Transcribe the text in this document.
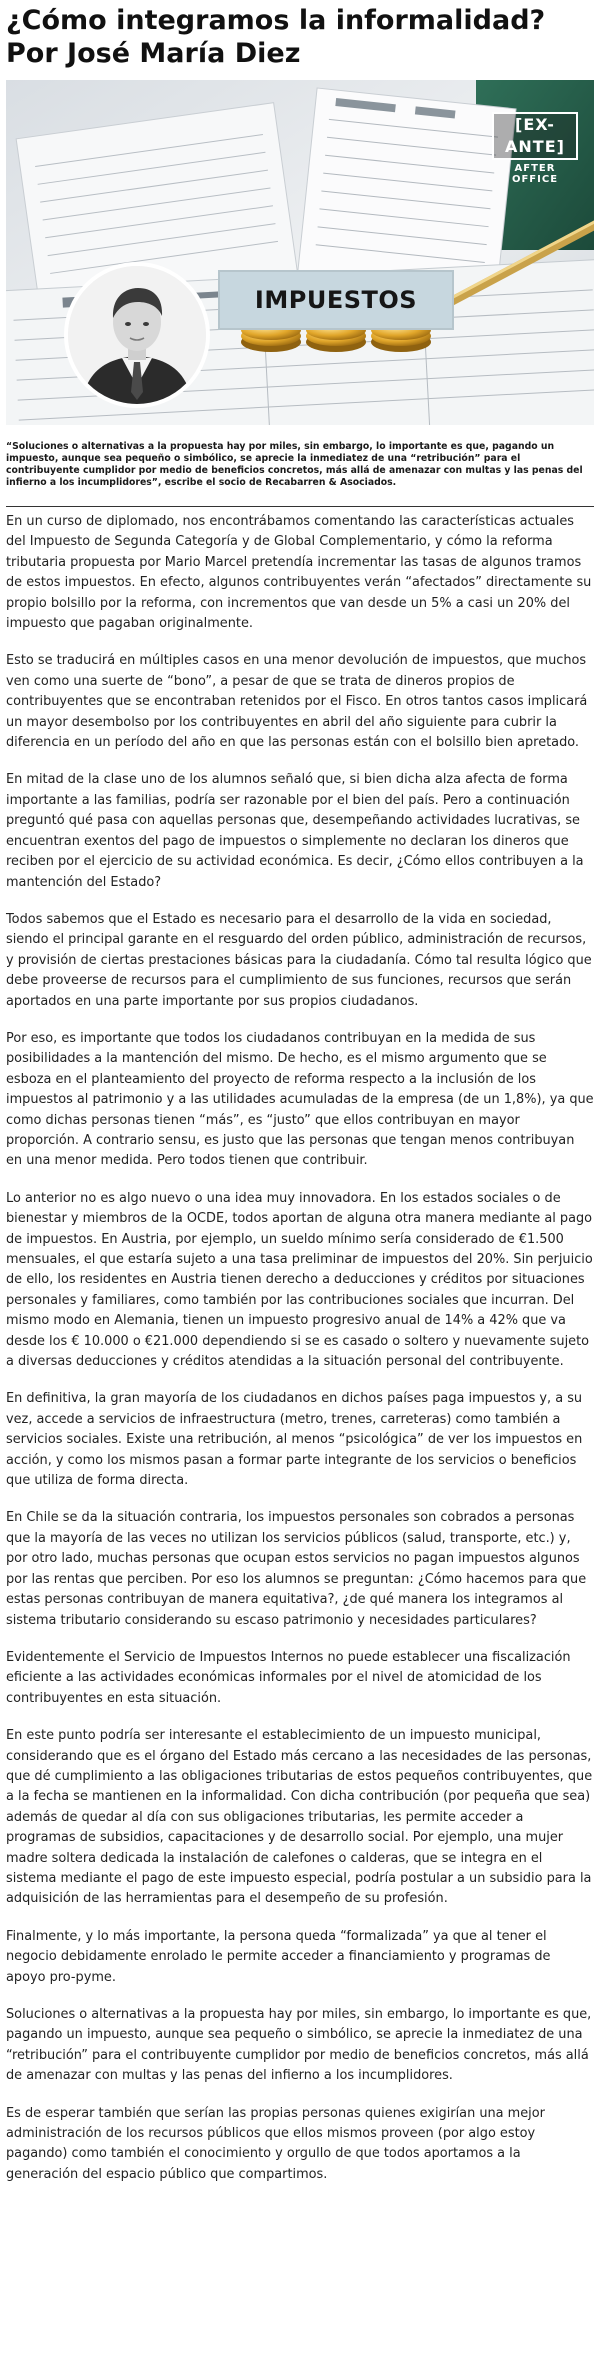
¿Cómo integramos la informalidad? Por José María Diez
IMPUESTOS
[EX-ANTE]
AFTER OFFICE
“Soluciones o alternativas a la propuesta hay por miles, sin embargo, lo importante es que, pagando un impuesto, aunque sea pequeño o simbólico, se aprecie la inmediatez de una “retribución” para el contribuyente cumplidor por medio de beneficios concretos, más allá de amenazar con multas y las penas del infierno a los incumplidores”, escribe el socio de Recabarren & Asociados.

En un curso de diplomado, nos encontrábamos comentando las características actuales del Impuesto de Segunda Categoría y de Global Complementario, y cómo la reforma tributaria propuesta por Mario Marcel pretendía incrementar las tasas de algunos tramos de estos impuestos. En efecto, algunos contribuyentes verán “afectados” directamente su propio bolsillo por la reforma, con incrementos que van desde un 5% a casi un 20% del impuesto que pagaban originalmente.

Esto se traducirá en múltiples casos en una menor devolución de impuestos, que muchos ven como una suerte de “bono”, a pesar de que se trata de dineros propios de contribuyentes que se encontraban retenidos por el Fisco. En otros tantos casos implicará un mayor desembolso por los contribuyentes en abril del año siguiente para cubrir la diferencia en un período del año en que las personas están con el bolsillo bien apretado.

En mitad de la clase uno de los alumnos señaló que, si bien dicha alza afecta de forma importante a las familias, podría ser razonable por el bien del país. Pero a continuación preguntó qué pasa con aquellas personas que, desempeñando actividades lucrativas, se encuentran exentos del pago de impuestos o simplemente no declaran los dineros que reciben por el ejercicio de su actividad económica. Es decir, ¿Cómo ellos contribuyen a la mantención del Estado?

Todos sabemos que el Estado es necesario para el desarrollo de la vida en sociedad, siendo el principal garante en el resguardo del orden público, administración de recursos, y provisión de ciertas prestaciones básicas para la ciudadanía. Cómo tal resulta lógico que debe proveerse de recursos para el cumplimiento de sus funciones, recursos que serán aportados en una parte importante por sus propios ciudadanos.

Por eso, es importante que todos los ciudadanos contribuyan en la medida de sus posibilidades a la mantención del mismo. De hecho, es el mismo argumento que se esboza en el planteamiento del proyecto de reforma respecto a la inclusión de los impuestos al patrimonio y a las utilidades acumuladas de la empresa (de un 1,8%), ya que como dichas personas tienen “más”, es “justo” que ellos contribuyan en mayor proporción. A contrario sensu, es justo que las personas que tengan menos contribuyan en una menor medida. Pero todos tienen que contribuir.

Lo anterior no es algo nuevo o una idea muy innovadora. En los estados sociales o de bienestar y miembros de la OCDE, todos aportan de alguna otra manera mediante al pago de impuestos. En Austria, por ejemplo, un sueldo mínimo sería considerado de €1.500 mensuales, el que estaría sujeto a una tasa preliminar de impuestos del 20%. Sin perjuicio de ello, los residentes en Austria tienen derecho a deducciones y créditos por situaciones personales y familiares, como también por las contribuciones sociales que incurran. Del mismo modo en Alemania, tienen un impuesto progresivo anual de 14% a 42% que va desde los € 10.000 o €21.000 dependiendo si se es casado o soltero y nuevamente sujeto a diversas deducciones y créditos atendidas a la situación personal del contribuyente.

En definitiva, la gran mayoría de los ciudadanos en dichos países paga impuestos y, a su vez, accede a servicios de infraestructura (metro, trenes, carreteras) como también a servicios sociales. Existe una retribución, al menos “psicológica” de ver los impuestos en acción, y como los mismos pasan a formar parte integrante de los servicios o beneficios que utiliza de forma directa.

En Chile se da la situación contraria, los impuestos personales son cobrados a personas que la mayoría de las veces no utilizan los servicios públicos (salud, transporte, etc.) y, por otro lado, muchas personas que ocupan estos servicios no pagan impuestos algunos por las rentas que perciben. Por eso los alumnos se preguntan: ¿Cómo hacemos para que estas personas contribuyan de manera equitativa?, ¿de qué manera los integramos al sistema tributario considerando su escaso patrimonio y necesidades particulares?

Evidentemente el Servicio de Impuestos Internos no puede establecer una fiscalización eficiente a las actividades económicas informales por el nivel de atomicidad de los contribuyentes en esta situación.

En este punto podría ser interesante el establecimiento de un impuesto municipal, considerando que es el órgano del Estado más cercano a las necesidades de las personas, que dé cumplimiento a las obligaciones tributarias de estos pequeños contribuyentes, que a la fecha se mantienen en la informalidad. Con dicha contribución (por pequeña que sea) además de quedar al día con sus obligaciones tributarias, les permite acceder a programas de subsidios, capacitaciones y de desarrollo social. Por ejemplo, una mujer madre soltera dedicada la instalación de calefones o calderas, que se integra en el sistema mediante el pago de este impuesto especial, podría postular a un subsidio para la adquisición de las herramientas para el desempeño de su profesión.

Finalmente, y lo más importante, la persona queda “formalizada” ya que al tener el negocio debidamente enrolado le permite acceder a financiamiento y programas de apoyo pro-pyme.

Soluciones o alternativas a la propuesta hay por miles, sin embargo, lo importante es que, pagando un impuesto, aunque sea pequeño o simbólico, se aprecie la inmediatez de una “retribución” para el contribuyente cumplidor por medio de beneficios concretos, más allá de amenazar con multas y las penas del infierno a los incumplidores.

Es de esperar también que serían las propias personas quienes exigirían una mejor administración de los recursos públicos que ellos mismos proveen (por algo estoy pagando) como también el conocimiento y orgullo de que todos aportamos a la generación del espacio público que compartimos.
